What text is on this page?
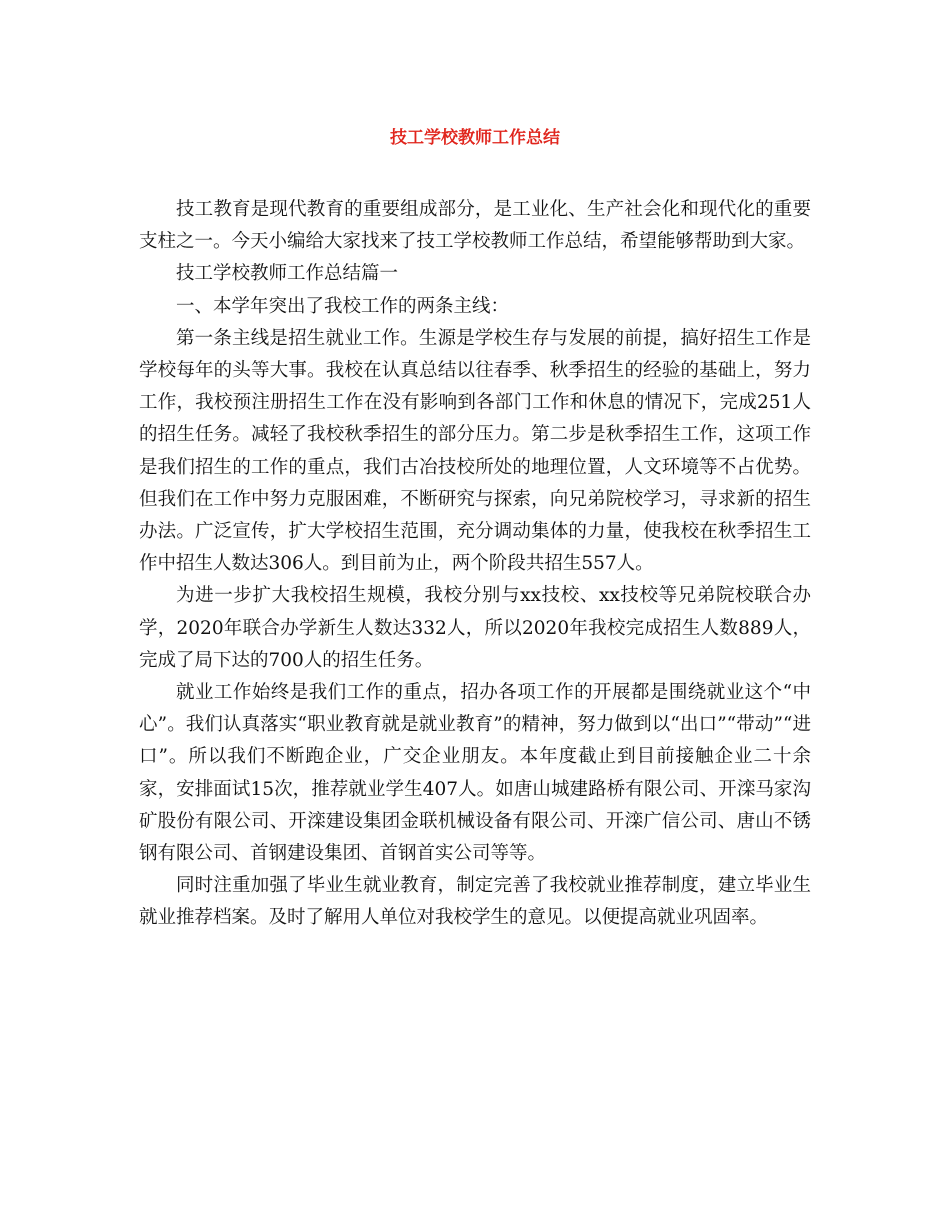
技工学校教师工作总结

技工教育是现代教育的重要组成部分，是工业化、生产社会化和现代化的重要支柱之一。今天小编给大家找来了技工学校教师工作总结，希望能够帮助到大家。

技工学校教师工作总结篇一

一、本学年突出了我校工作的两条主线：

第一条主线是招生就业工作。生源是学校生存与发展的前提，搞好招生工作是学校每年的头等大事。我校在认真总结以往春季、秋季招生的经验的基础上，努力工作，我校预注册招生工作在没有影响到各部门工作和休息的情况下，完成251人的招生任务。减轻了我校秋季招生的部分压力。第二步是秋季招生工作，这项工作是我们招生的工作的重点，我们古冶技校所处的地理位置，人文环境等不占优势。但我们在工作中努力克服困难，不断研究与探索，向兄弟院校学习，寻求新的招生办法。广泛宣传，扩大学校招生范围，充分调动集体的力量，使我校在秋季招生工作中招生人数达306人。到目前为止，两个阶段共招生557人。

为进一步扩大我校招生规模，我校分别与xx技校、xx技校等兄弟院校联合办学，2020年联合办学新生人数达332人，所以2020年我校完成招生人数889人，完成了局下达的700人的招生任务。

就业工作始终是我们工作的重点，招办各项工作的开展都是围绕就业这个“中心”。我们认真落实“职业教育就是就业教育”的精神，努力做到以“出口”“带动”“进口”。所以我们不断跑企业，广交企业朋友。本年度截止到目前接触企业二十余家，安排面试15次，推荐就业学生407人。如唐山城建路桥有限公司、开滦马家沟矿股份有限公司、开滦建设集团金联机械设备有限公司、开滦广信公司、唐山不锈钢有限公司、首钢建设集团、首钢首实公司等等。

同时注重加强了毕业生就业教育，制定完善了我校就业推荐制度，建立毕业生就业推荐档案。及时了解用人单位对我校学生的意见。以便提高就业巩固率。
